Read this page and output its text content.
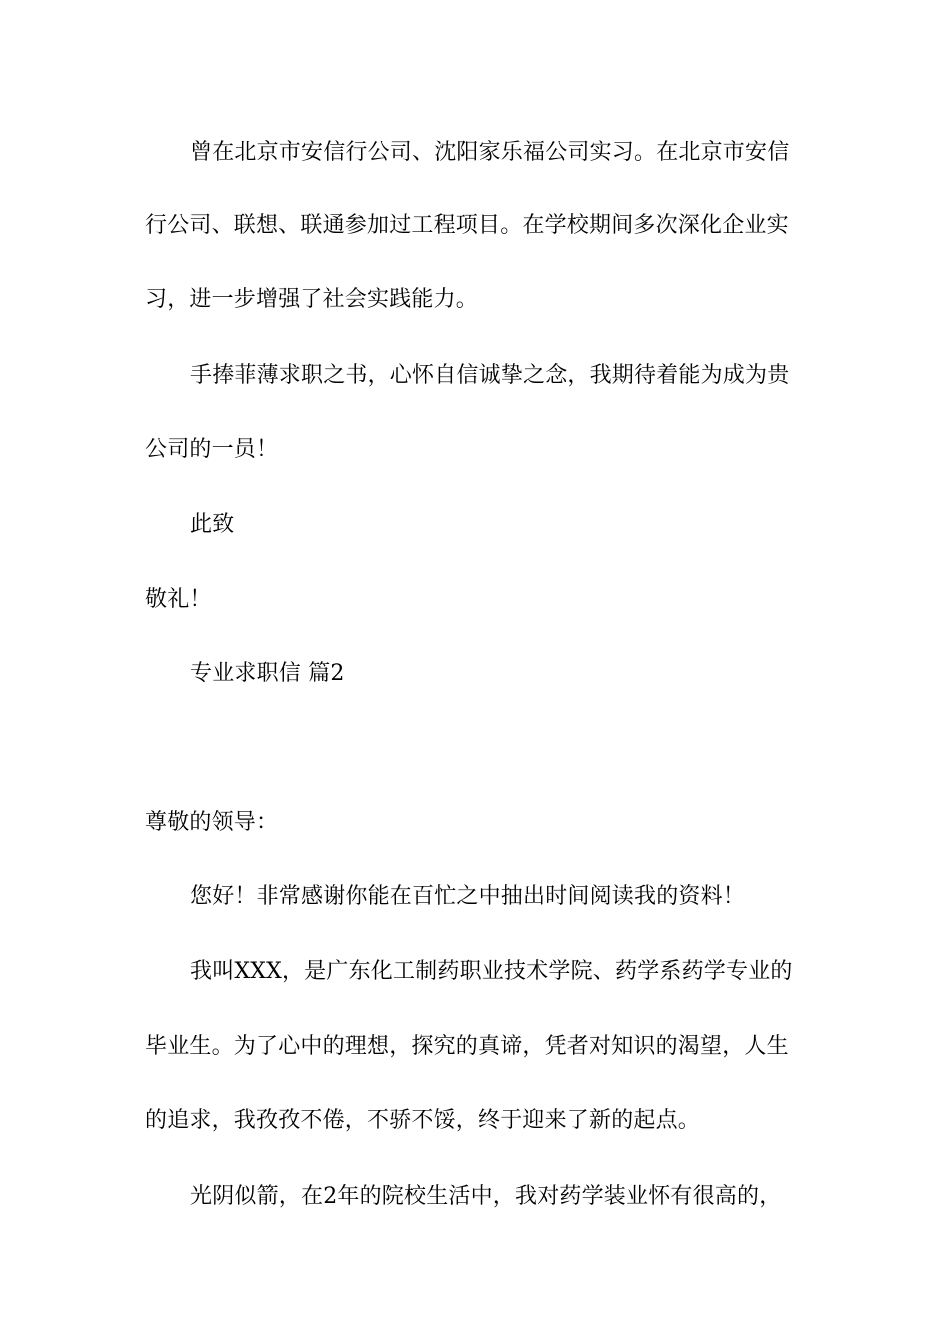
曾在北京市安信行公司、沈阳家乐福公司实习。在北京市安信
行公司、联想、联通参加过工程项目。在学校期间多次深化企业实
习，进一步增强了社会实践能力。
手捧菲薄求职之书，心怀自信诚挚之念，我期待着能为成为贵
公司的一员！
此致
敬礼！
专业求职信 篇2
尊敬的领导：
您好！非常感谢你能在百忙之中抽出时间阅读我的资料！
我叫XXX，是广东化工制药职业技术学院、药学系药学专业的
毕业生。为了心中的理想，探究的真谛，凭者对知识的渴望，人生
的追求，我孜孜不倦，不骄不馁，终于迎来了新的起点。
光阴似箭，在2年的院校生活中，我对药学装业怀有很高的，
